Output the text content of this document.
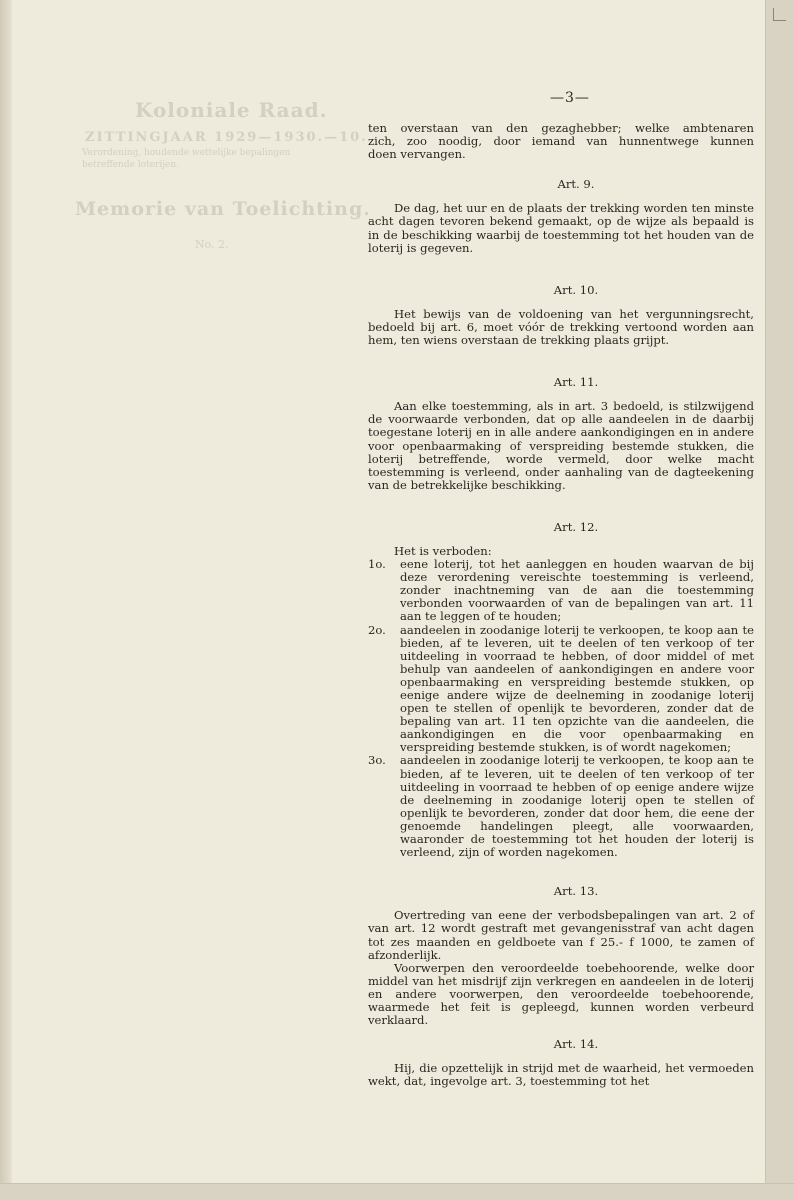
Koloniale Raad.
ZITTINGJAAR 1929—1930.—10.
Verordening, houdende wettelijke bepalingen
betreffende loterijen.
Memorie van Toelichting.
No. 2.
—3—

ten overstaan van den gezaghebber; welke ambtenaren

zich, zoo noodig, door iemand van hunnentwege kunnen

doen vervangen.

Art. 9.

De dag, het uur en de plaats der trekking worden ten minste acht dagen tevoren bekend gemaakt, op de wijze als bepaald is in de beschikking waarbij de toestemming tot het houden van de loterij is gegeven.

Art. 10.

Het bewijs van de voldoening van het vergunningsrecht, bedoeld bij art. 6, moet vóór de trekking vertoond worden aan hem, ten wiens overstaan de trekking plaats grijpt.

Art. 11.

Aan elke toestemming, als in art. 3 bedoeld, is stilzwijgend de voorwaarde verbonden, dat op alle aandeelen in de daarbij toegestane loterij en in alle andere aankondigingen en in andere voor openbaarmaking of verspreiding bestemde stukken, die loterij betreffende, worde vermeld, door welke macht toestemming is verleend, onder aanhaling van de dagteekening van de betrekkelijke beschikking.

Art. 12.

Het is verboden:

1o. eene loterij, tot het aanleggen en houden waarvan de bij deze verordening vereischte toestemming is verleend, zonder inachtneming van de aan die toestemming verbonden voorwaarden of van de bepalingen van art. 11 aan te leggen of te houden;
2o. aandeelen in zoodanige loterij te verkoopen, te koop aan te bieden, af te leveren, uit te deelen of ten verkoop of ter uitdeeling in voorraad te hebben, of door middel of met behulp van aandeelen of aankondigingen en andere voor openbaarmaking en verspreiding bestemde stukken, op eenige andere wijze de deelneming in zoodanige loterij open te stellen of openlijk te bevorderen, zonder dat de bepaling van art. 11 ten opzichte van die aandeelen, die aankondigingen en die voor openbaarmaking en verspreiding bestemde stukken, is of wordt nagekomen;
3o. aandeelen in zoodanige loterij te verkoopen, te koop aan te bieden, af te leveren, uit te deelen of ten verkoop of ter uitdeeling in voorraad te hebben of op eenige andere wijze de deelneming in zoodanige loterij open te stellen of openlijk te bevorderen, zonder dat door hem, die eene der genoemde handelingen pleegt, alle voorwaarden, waaronder de toestemming tot het houden der loterij is verleend, zijn of worden nagekomen.
Art. 13.

Overtreding van eene der verbodsbepalingen van art. 2 of van art. 12 wordt gestraft met gevangenisstraf van acht dagen tot zes maanden en geldboete van f 25.- f 1000, te zamen of afzonderlijk.

Voorwerpen den veroordeelde toebehoorende, welke door middel van het misdrijf zijn verkregen en aandeelen in de loterij en andere voorwerpen, den veroordeelde toebehoorende, waarmede het feit is gepleegd, kunnen worden verbeurd verklaard.

Art. 14.

Hij, die opzettelijk in strijd met de waarheid, het vermoeden wekt, dat, ingevolge art. 3, toestemming tot het
